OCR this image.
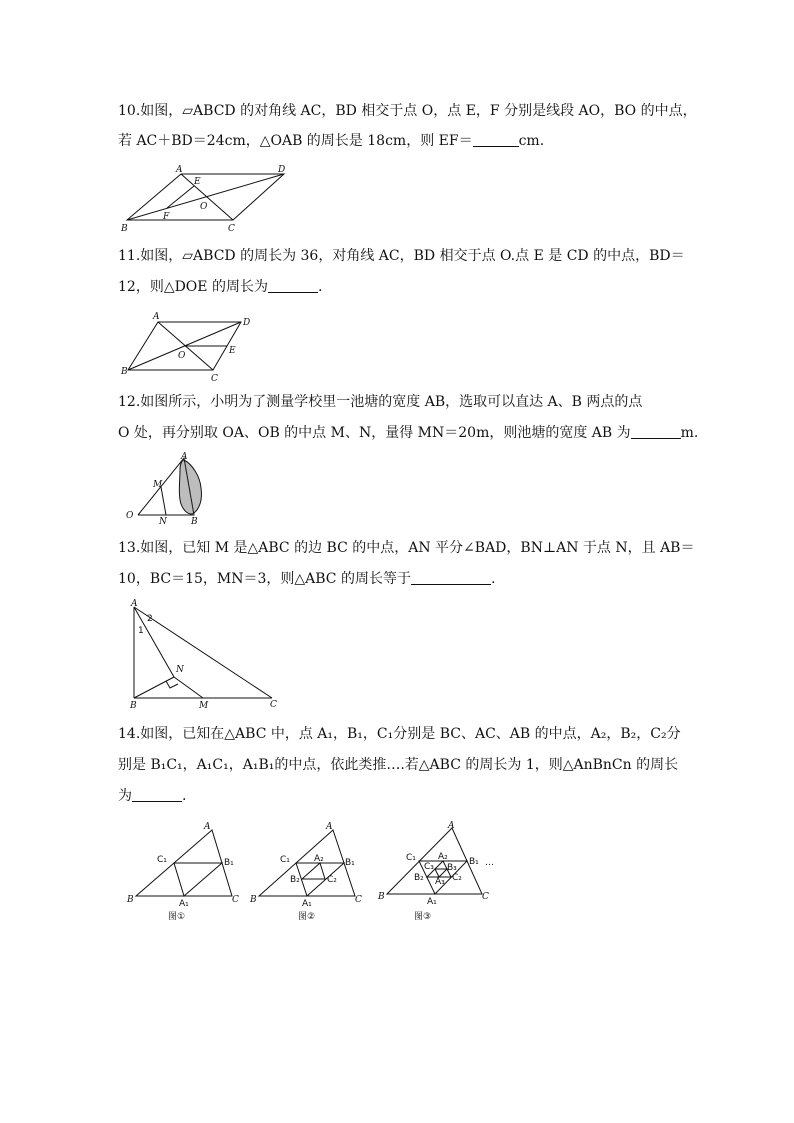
10.如图，▱ABCD 的对角线 AC，BD 相交于点 O，点 E，F 分别是线段 AO，BO 的中点，
若 AC＋BD＝24cm，△OAB 的周长是 18cm，则 EF＝	cm.
A	D
E
O
B
F
C
11.如图，▱ABCD 的周长为 36，对角线 AC，BD 相交于点 O.点 E 是 CD 的中点，BD＝
12，则△DOE 的周长为	.
A
D
O	E
B
C
12.如图所示，小明为了测量学校里一池塘的宽度 AB，选取可以直达 A、B 两点的点
O 处，再分别取 OA、OB 的中点 M、N，量得 MN＝20m，则池塘的宽度 AB 为	m.
A
M
O
N	B
13.如图，已知 M 是△ABC 的边 BC 的中点，AN 平分∠BAD，BN⊥AN 于点 N，且 AB＝
10，BC＝15，MN＝3，则△ABC 的周长等于	.
A
1
2
N
B	M	C
14.如图，已知在△ABC 中，点 A₁，B₁，C₁分别是 BC、AC、AB 的中点，A₂，B₂，C₂分
别是 B₁C₁，A₁C₁，A₁B₁的中点，依此类推….若△ABC 的周长为 1，则△AnBnCn 的周长
为	.
A
B	C
C₁	B₁
A₁
图①
A
B	C
C₁	B₁
A₁
A₂
B₂	C₂
图②
A
B	C
C₁	B₁
A₁
A₂
B₂	C₂
C₃ B₃
A₃
…
图③
